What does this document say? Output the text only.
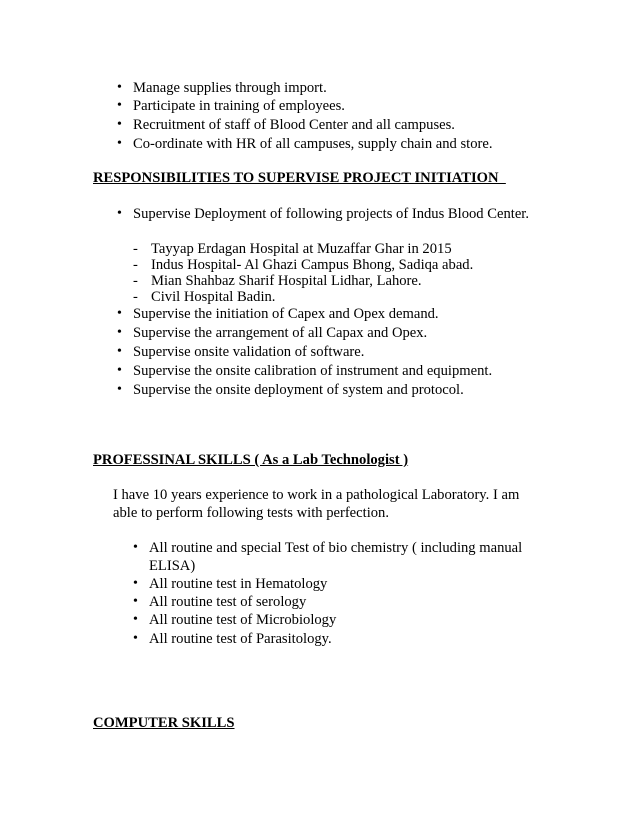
• Manage supplies through import.
• Participate in training of employees.
• Recruitment of staff of Blood Center and all campuses.
• Co-ordinate with HR of all campuses, supply chain and store.
RESPONSIBILITIES TO SUPERVISE PROJECT INITIATION
• Supervise Deployment of following projects of Indus Blood Center.
- Tayyap Erdagan Hospital at Muzaffar Ghar in 2015
- Indus Hospital- Al Ghazi Campus Bhong, Sadiqa abad.
- Mian Shahbaz Sharif Hospital Lidhar, Lahore.
- Civil Hospital Badin.
• Supervise the initiation of Capex and Opex demand.
• Supervise the arrangement of all Capax and Opex.
• Supervise onsite validation of software.
• Supervise the onsite calibration of instrument and equipment.
• Supervise the onsite deployment of system and protocol.
PROFESSINAL SKILLS ( As a Lab Technologist )
I have 10 years experience to work in a pathological Laboratory. I am
able to perform following tests with perfection.
• All routine and special Test of bio chemistry ( including manual
ELISA)
• All routine test in Hematology
• All routine test of serology
• All routine test of Microbiology
• All routine test of Parasitology.
COMPUTER SKILLS
